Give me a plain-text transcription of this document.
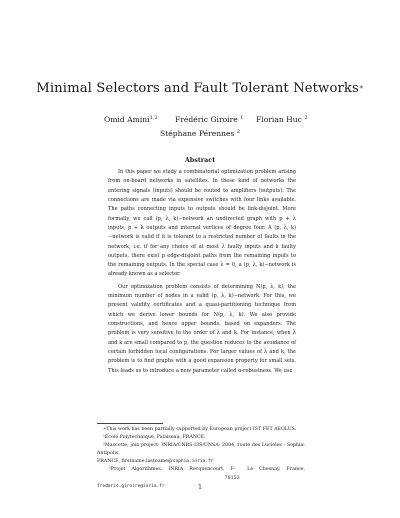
Minimal Selectors and Fault Tolerant Networks∗
Omid Amini$^{1,2}$ Frédéric Giroire $^1$ Florian Huc $^2$
Stéphane Pérennes $^2$
Abstract

In this paper we study a combinatorial optimization problem arising from on-board networks in satellites. In these kind of networks the entering signals (inputs) should be routed to amplifiers (outputs). The connections are made via expensive switches with four links available. The paths connecting inputs to outputs should be link-disjoint. More formally, we call (p, λ, k)−network an undirected graph with p + λ inputs, p + k outputs and internal vertices of degree four. A (p, λ, k)−network is valid if it is tolerant to a restricted number of faults in the network, i.e. if for any choice of at most λ faulty inputs and k faulty outputs, there exist p edge-disjoint paths from the remaining inputs to the remaining outputs. In the special case λ = 0, a (p, λ, k)−network is already known as a selector.

Our optimization problem consists of determining N(p, λ, k), the minimum number of nodes in a valid (p, λ, k)−network. For this, we present validity certificates and a quasi-partitioning technique from which we derive lower bounds for N(p, λ, k). We also provide constructions, and hence upper bounds, based on expanders. The problem is very sensitive to the order of λ and k. For instance, when λ and k are small compared to p, the question reduces to the avoidance of certain forbidden local configurations. For larger values of λ and k, the problem is to find graphs with a good expansion property for small sets. This leads us to introduce a new parameter called α-robustness. We use

∗This work has been partially supported by European project IST FET AEOLUS.
¹École Polytechnique, Palaiseau, FRANCE.
²Mascotte, join project- INRIA/CNRS-I3S/UNSA- 2004, route des Lucioles - Sophia-Antipolis,
FRANCE, firstname.lastname@sophia.inria.fr
³Projet	Algorithmes,	INRIA	Rocquencourt,	F-78153
Le	Chesnay,	France,
frederic.giroire@inria.fr	1
